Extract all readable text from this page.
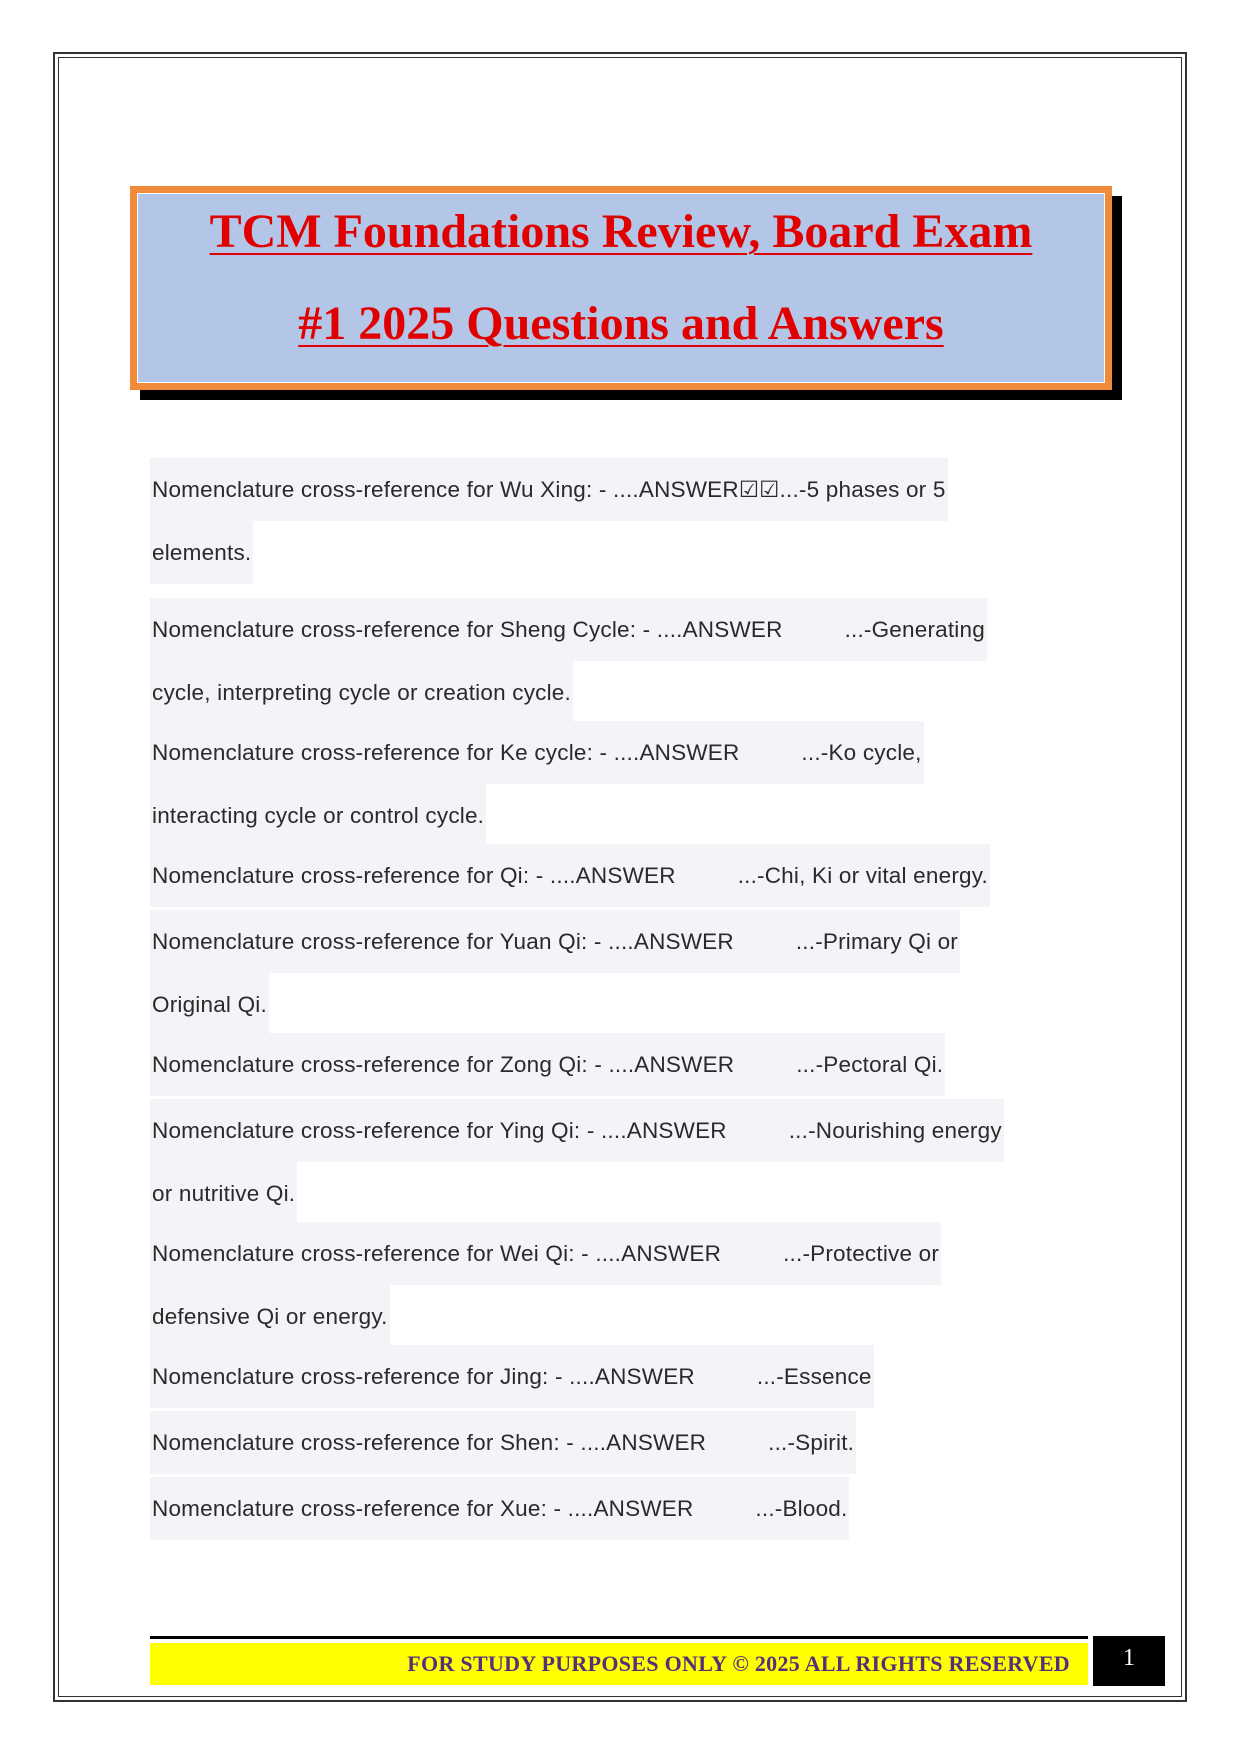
TCM Foundations Review, Board Exam
#1 2025 Questions and Answers
Nomenclature cross-reference for Wu Xing: - ....ANSWER☑☑...-5 phases or 5
elements.
Nomenclature cross-reference for Sheng Cycle: - ....ANSWER	...-Generating
cycle, interpreting cycle or creation cycle.
Nomenclature cross-reference for Ke cycle: - ....ANSWER	...-Ko cycle,
interacting cycle or control cycle.
Nomenclature cross-reference for Qi: - ....ANSWER	...-Chi, Ki or vital energy.
Nomenclature cross-reference for Yuan Qi: - ....ANSWER	...-Primary Qi or
Original Qi.
Nomenclature cross-reference for Zong Qi: - ....ANSWER	...-Pectoral Qi.
Nomenclature cross-reference for Ying Qi: - ....ANSWER	...-Nourishing energy
or nutritive Qi.
Nomenclature cross-reference for Wei Qi: - ....ANSWER	...-Protective or
defensive Qi or energy.
Nomenclature cross-reference for Jing: - ....ANSWER	...-Essence
Nomenclature cross-reference for Shen: - ....ANSWER	...-Spirit.
Nomenclature cross-reference for Xue: - ....ANSWER	...-Blood.
FOR STUDY PURPOSES ONLY © 2025 ALL RIGHTS RESERVED	1
